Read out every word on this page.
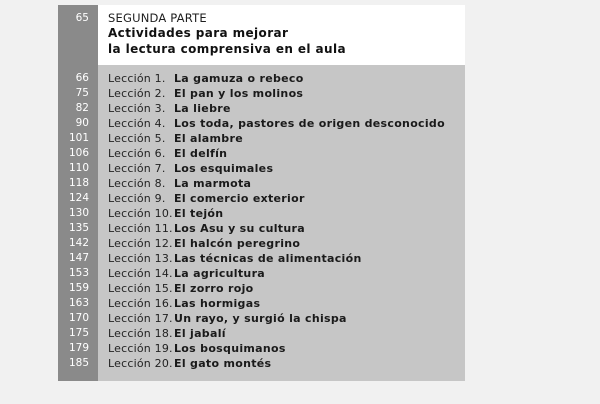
65 SEGUNDA PARTE
Actividades para mejorar
la lectura comprensiva en el aula
66 Lección 1. La gamuza o rebeco
75 Lección 2. El pan y los molinos
82 Lección 3. La liebre
90 Lección 4. Los toda, pastores de origen desconocido
101 Lección 5. El alambre
106 Lección 6. El delfín
110 Lección 7. Los esquimales
118 Lección 8. La marmota
124 Lección 9. El comercio exterior
130 Lección 10. El tejón
135 Lección 11. Los Asu y su cultura
142 Lección 12. El halcón peregrino
147 Lección 13. Las técnicas de alimentación
153 Lección 14. La agricultura
159 Lección 15. El zorro rojo
163 Lección 16. Las hormigas
170 Lección 17. Un rayo, y surgió la chispa
175 Lección 18. El jabalí
179 Lección 19. Los bosquimanos
185 Lección 20. El gato montés
